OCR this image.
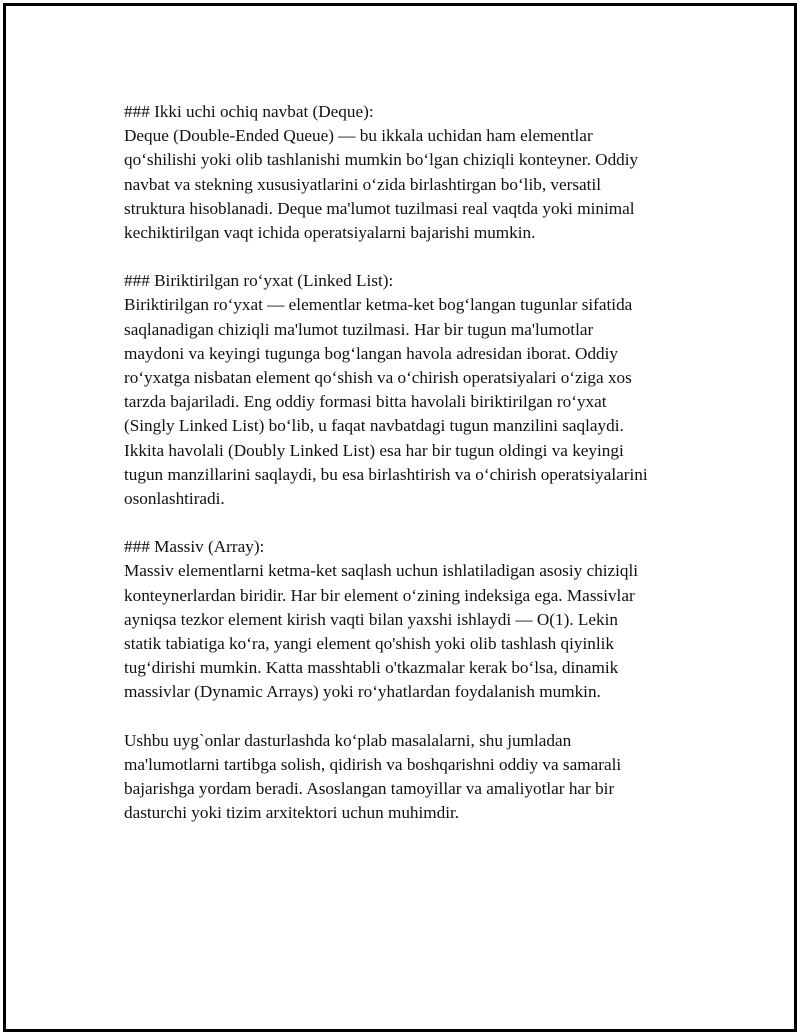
### Ikki uchi ochiq navbat (Deque):
Deque (Double-Ended Queue) — bu ikkala uchidan ham elementlar
qo‘shilishi yoki olib tashlanishi mumkin bo‘lgan chiziqli konteyner. Oddiy
navbat va stekning xususiyatlarini o‘zida birlashtirgan bo‘lib, versatil
struktura hisoblanadi. Deque ma'lumot tuzilmasi real vaqtda yoki minimal
kechiktirilgan vaqt ichida operatsiyalarni bajarishi mumkin.
### Biriktirilgan ro‘yxat (Linked List):
Biriktirilgan ro‘yxat — elementlar ketma-ket bog‘langan tugunlar sifatida
saqlanadigan chiziqli ma'lumot tuzilmasi. Har bir tugun ma'lumotlar
maydoni va keyingi tugunga bog‘langan havola adresidan iborat. Oddiy
ro‘yxatga nisbatan element qo‘shish va o‘chirish operatsiyalari o‘ziga xos
tarzda bajariladi. Eng oddiy formasi bitta havolali biriktirilgan ro‘yxat
(Singly Linked List) bo‘lib, u faqat navbatdagi tugun manzilini saqlaydi.
Ikkita havolali (Doubly Linked List) esa har bir tugun oldingi va keyingi
tugun manzillarini saqlaydi, bu esa birlashtirish va o‘chirish operatsiyalarini
osonlashtiradi.
### Massiv (Array):
Massiv elementlarni ketma-ket saqlash uchun ishlatiladigan asosiy chiziqli
konteynerlardan biridir. Har bir element o‘zining indeksiga ega. Massivlar
ayniqsa tezkor element kirish vaqti bilan yaxshi ishlaydi — O(1). Lekin
statik tabiatiga ko‘ra, yangi element qo'shish yoki olib tashlash qiyinlik
tug‘dirishi mumkin. Katta masshtabli o'tkazmalar kerak bo‘lsa, dinamik
massivlar (Dynamic Arrays) yoki ro‘yhatlardan foydalanish mumkin.
Ushbu uyg`onlar dasturlashda ko‘plab masalalarni, shu jumladan
ma'lumotlarni tartibga solish, qidirish va boshqarishni oddiy va samarali
bajarishga yordam beradi. Asoslangan tamoyillar va amaliyotlar har bir
dasturchi yoki tizim arxitektori uchun muhimdir.
